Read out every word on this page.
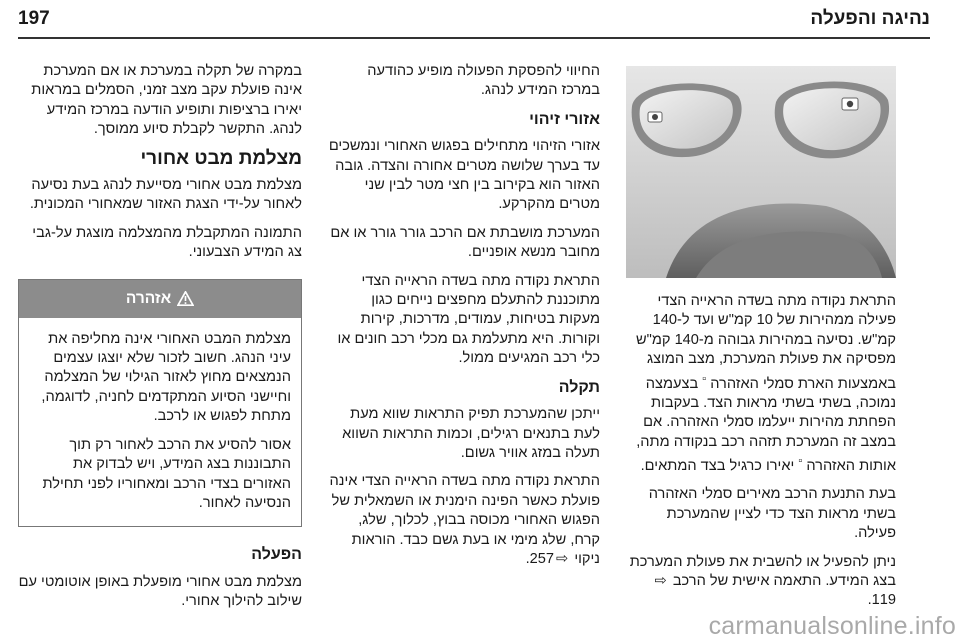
197	נהיגה והפעלה

במקרה של תקלה במערכת או אם המערכת אינה פועלת עקב מצב זמני, הסמלים במראות יאירו ברציפות ותופיע הודעה במרכז המידע לנהג. התקשר לקבלת סיוע ממוסך.

מצלמת מבט אחורי

מצלמת מבט אחורי מסייעת לנהג בעת נסיעה לאחור על-ידי הצגת האזור שמאחורי המכונית.

התמונה המתקבלת מהמצלמה מוצגת על-גבי צג המידע הצבעוני.

אזהרה

מצלמת המבט האחורי אינה מחליפה את עיני הנהג. חשוב לזכור שלא יוצגו עצמים הנמצאים מחוץ לאזור הגילוי של המצלמה וחיישני הסיוע המתקדמים לחניה, לדוגמה, מתחת לפגוש או לרכב.

אסור להסיע את הרכב לאחור רק תוך התבוננות בצג המידע, ויש לבדוק את האזורים בצדי הרכב ומאחוריו לפני תחילת הנסיעה לאחור.

הפעלה

מצלמת מבט אחורי מופעלת באופן אוטומטי עם שילוב להילוך אחורי.

החיווי להפסקת הפעולה מופיע כהודעה במרכז המידע לנהג.

אזורי זיהוי

אזורי הזיהוי מתחילים בפגוש האחורי ונמשכים עד בערך שלושה מטרים אחורה והצדה. גובה האזור הוא בקירוב בין חצי מטר לבין שני מטרים מהקרקע.

המערכת מושבתת אם הרכב גורר גורר או אם מחובר מנשא אופניים.

התראת נקודה מתה בשדה הראייה הצדי מתוכננת להתעלם מחפצים נייחים כגון מעקות בטיחות, עמודים, מדרכות, קירות וקורות. היא מתעלמת גם מכלי רכב חונים או כלי רכב המגיעים ממול.

תקלה

ייתכן שהמערכת תפיק התראות שווא מעת לעת בתנאים רגילים, וכמות התראות השווא תעלה במזג אוויר גשום.

התראת נקודה מתה בשדה הראייה הצדי אינה פועלת כאשר הפינה הימנית או השמאלית של הפגוש האחורי מכוסה בבוץ, לכלוך, שלג, קרח, שלג מימי או בעת גשם כבד. הוראות ניקוי ⇨257.

התראת נקודה מתה בשדה הראייה הצדי פעילה ממהירות של 10 קמ"ש ועד ל-140 קמ"ש. נסיעה במהירות גבוהה מ-140 קמ"ש מפסיקה את פעולת המערכת, מצב המוצג באמצעות הארת סמלי האזהרה ▫︎ בצעמצה נמוכה, בשתי בשתי מראות הצד. בעקבות הפחתת מהירות ייעלמו סמלי האזהרה. אם במצב זה המערכת תזהה רכב בנקודה מתה, אותות האזהרה ▫︎ יאירו כרגיל בצד המתאים.

בעת התנעת הרכב מאירים סמלי האזהרה בשתי מראות הצד כדי לציין שהמערכת פעילה.

ניתן להפעיל או להשבית את פעולת המערכת בצג המידע. התאמה אישית של הרכב ⇨119.

carmanualsonline.info
